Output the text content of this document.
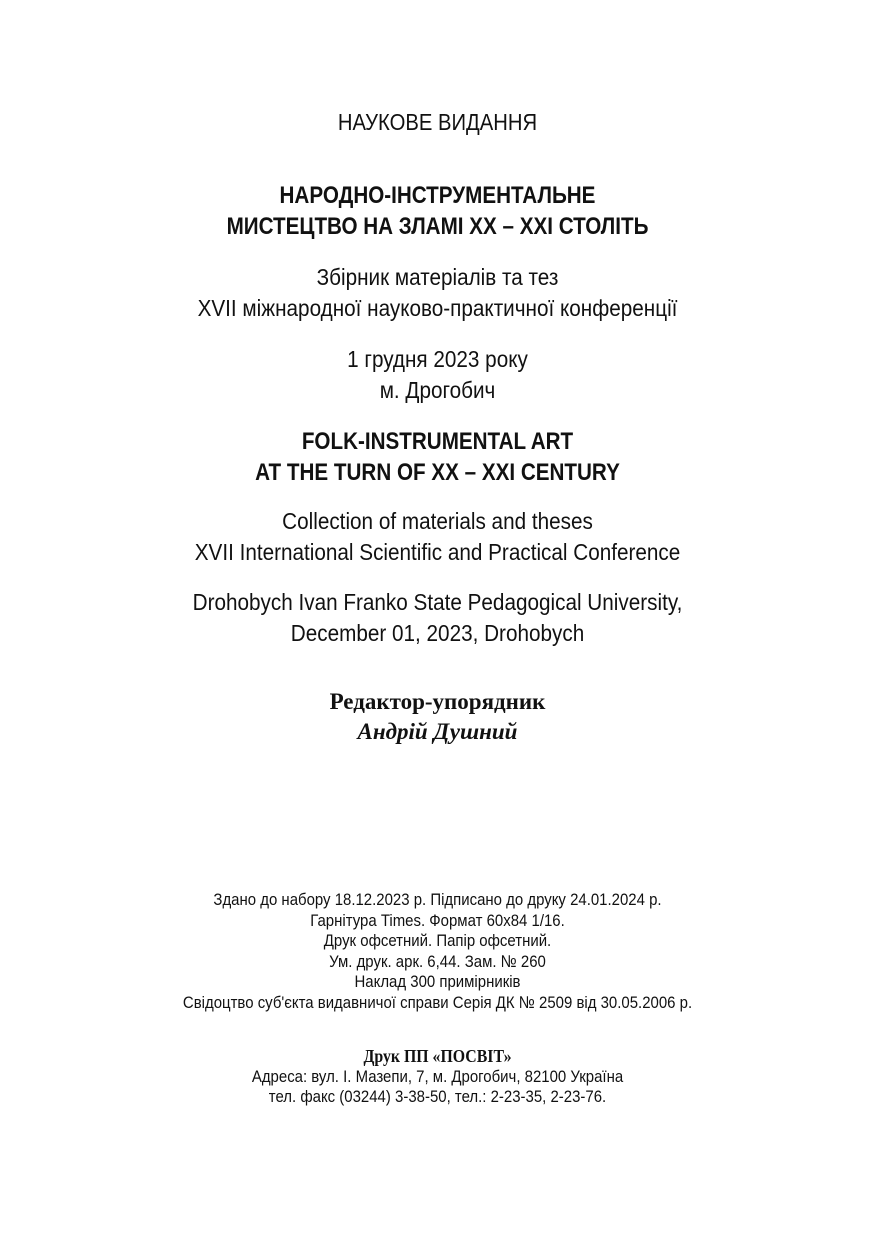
НАУКОВЕ ВИДАННЯ
НАРОДНО-ІНСТРУМЕНТАЛЬНЕ
МИСТЕЦТВО НА ЗЛАМІ ХХ – ХХІ СТОЛІТЬ
Збірник матеріалів та тез
XVII міжнародної науково-практичної конференції
1 грудня 2023 року
м. Дрогобич
FOLK-INSTRUMENTAL ART
AT THE TURN OF XX – XXI CENTURY
Collection of materials and theses
XVII International Scientific and Practical Conference
Drohobych Ivan Franko State Pedagogical University,
December 01, 2023, Drohobych
Редактор-упорядник
Андрій Душний
Здано до набору 18.12.2023 р. Підписано до друку 24.01.2024 р.
Гарнітура Times. Формат 60х84 1/16.
Друк офсетний. Папір офсетний.
Ум. друк. арк. 6,44. Зам. № 260
Наклад 300 примірників
Свідоцтво суб'єкта видавничої справи Серія ДК № 2509 від 30.05.2006 р.
Друк ПП «ПОСВІТ»
Адреса: вул. І. Мазепи, 7, м. Дрогобич, 82100 Україна
тел. факс (03244) 3-38-50, тел.: 2-23-35, 2-23-76.
